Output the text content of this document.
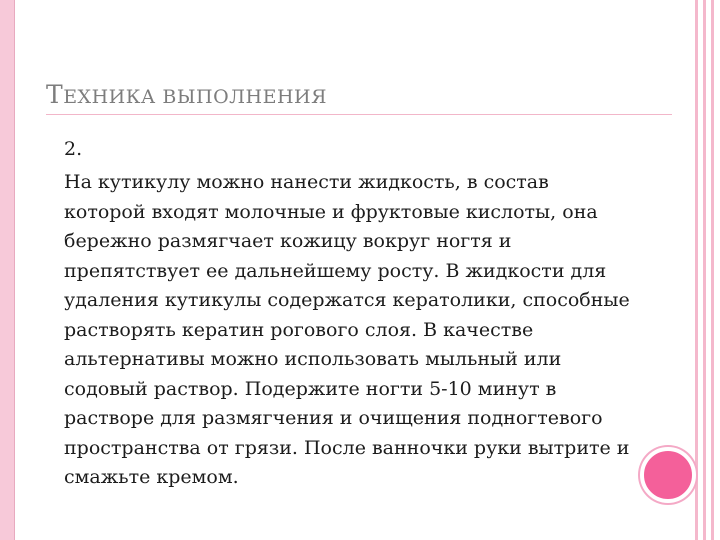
ТЕХНИКА ВЫПОЛНЕНИЯ
2.

На кутикулу можно нанести жидкость, в состав которой входят молочные и фруктовые кислоты, она бережно размягчает кожицу вокруг ногтя и препятствует ее дальнейшему росту. В жидкости для удаления кутикулы содержатся кератолики, способные растворять кератин рогового слоя. В качестве альтернативы можно использовать мыльный или содовый раствор. Подержите ногти 5-10 минут в растворе для размягчения и очищения подногтевого пространства от грязи. После ванночки руки вытрите и смажьте кремом.
